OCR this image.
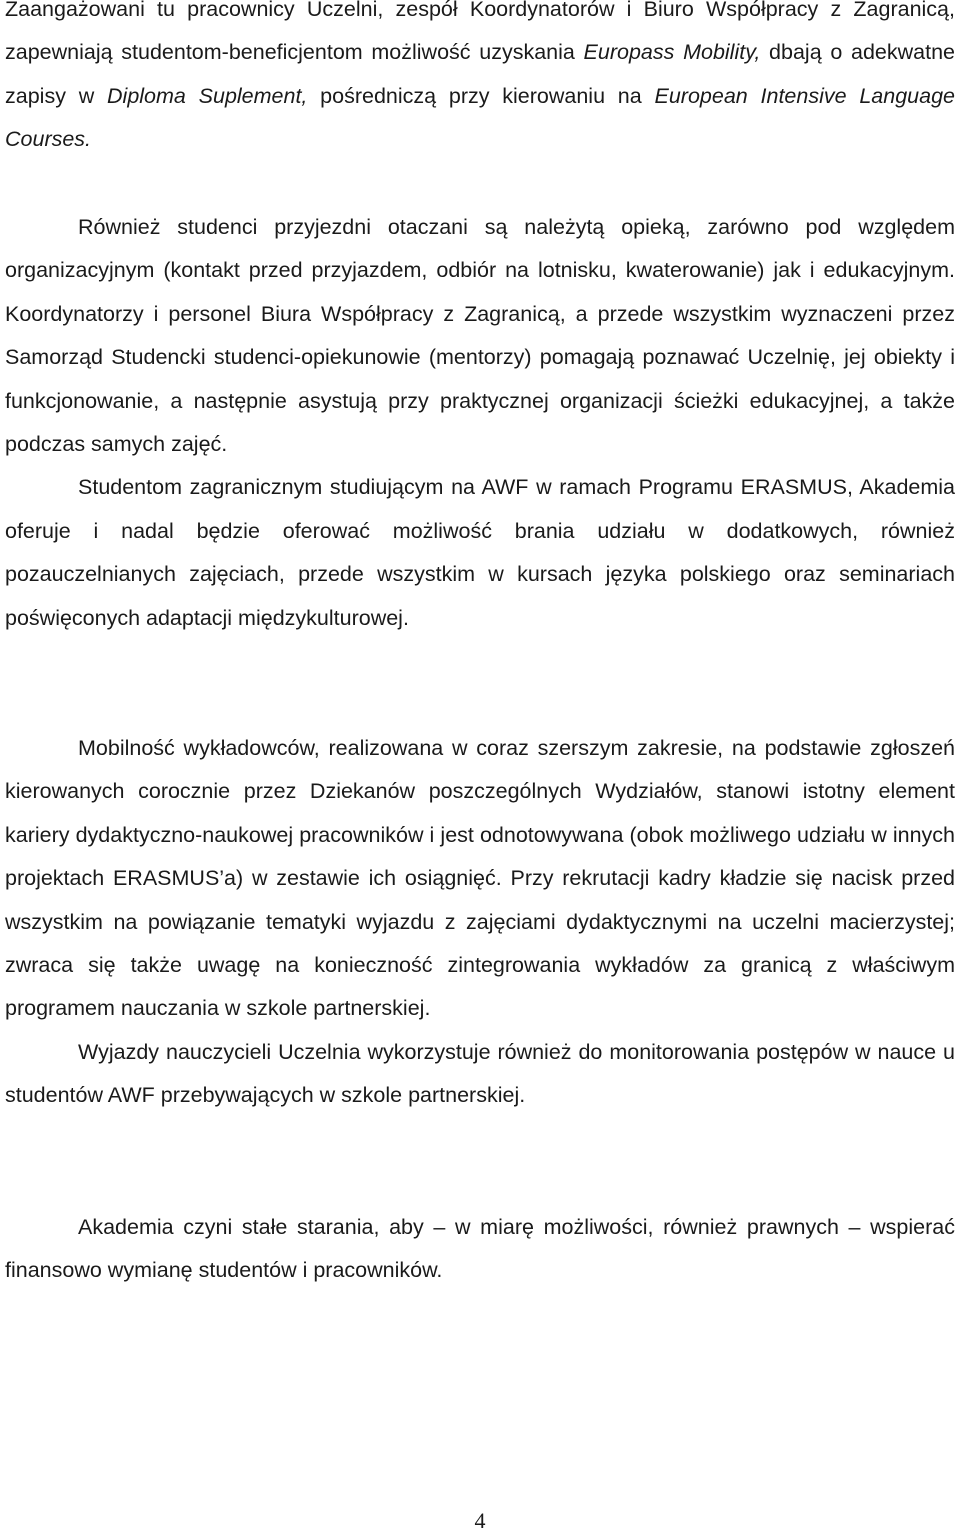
Zaangażowani tu pracownicy Uczelni, zespół Koordynatorów i Biuro Współpracy z Zagranicą, zapewniają studentom-beneficjentom możliwość uzyskania Europass Mobility, dbają o adekwatne zapisy w Diploma Suplement, pośredniczą przy kierowaniu na European Intensive Language Courses.

Również studenci przyjezdni otaczani są należytą opieką, zarówno pod względem organizacyjnym (kontakt przed przyjazdem, odbiór na lotnisku, kwaterowanie) jak i edukacyjnym. Koordynatorzy i personel Biura Współpracy z Zagranicą, a przede wszystkim wyznaczeni przez Samorząd Studencki studenci-opiekunowie (mentorzy) pomagają poznawać Uczelnię, jej obiekty i funkcjonowanie, a następnie asystują przy praktycznej organizacji ścieżki edukacyjnej, a także podczas samych zajęć.

Studentom zagranicznym studiującym na AWF w ramach Programu ERASMUS, Akademia oferuje i nadal będzie oferować możliwość brania udziału w dodatkowych, również pozauczelnianych zajęciach, przede wszystkim w kursach języka polskiego oraz seminariach poświęconych adaptacji międzykulturowej.

Mobilność wykładowców, realizowana w coraz szerszym zakresie, na podstawie zgłoszeń kierowanych corocznie przez Dziekanów poszczególnych Wydziałów, stanowi istotny element kariery dydaktyczno-naukowej pracowników i jest odnotowywana (obok możliwego udziału w innych projektach ERASMUS’a) w zestawie ich osiągnięć. Przy rekrutacji kadry kładzie się nacisk przed wszystkim na powiązanie tematyki wyjazdu z zajęciami dydaktycznymi na uczelni macierzystej; zwraca się także uwagę na konieczność zintegrowania wykładów za granicą z właściwym programem nauczania w szkole partnerskiej.

Wyjazdy nauczycieli Uczelnia wykorzystuje również do monitorowania postępów w nauce u studentów AWF przebywających w szkole partnerskiej.

Akademia czyni stałe starania, aby – w miarę możliwości, również prawnych – wspierać finansowo wymianę studentów i pracowników.

4
